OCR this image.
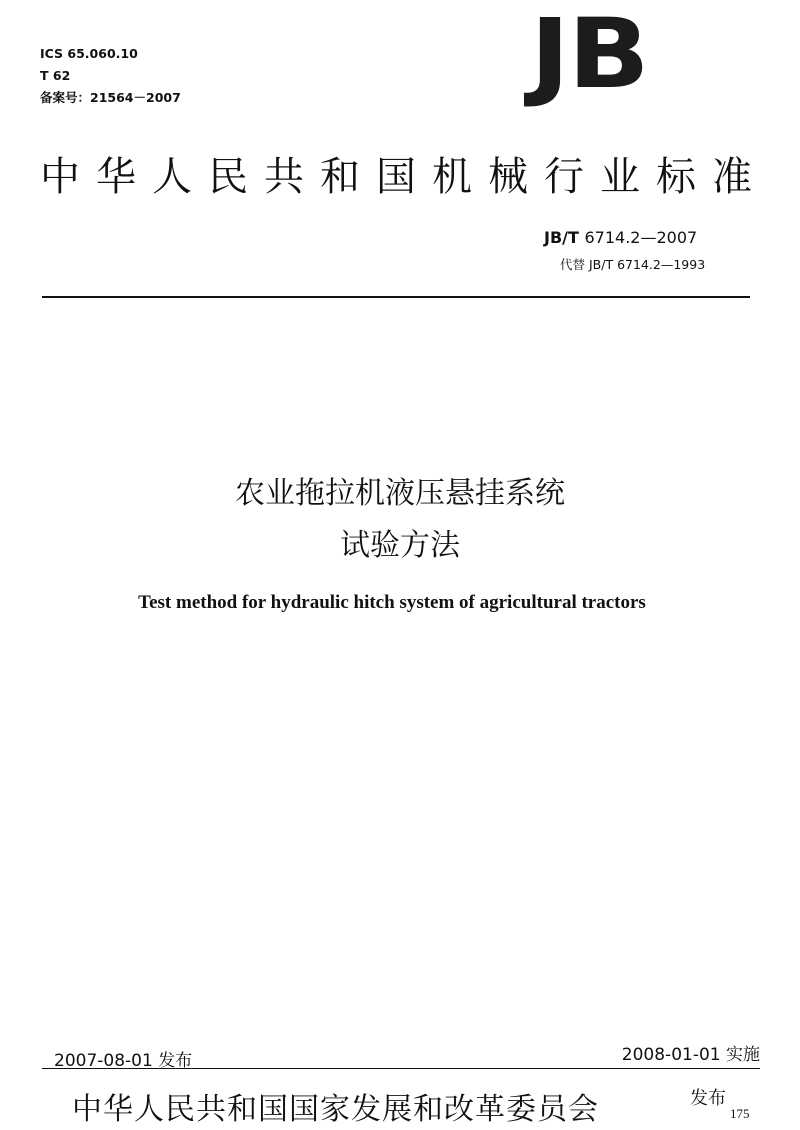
ICS 65.060.10
T 62
备案号：21564－2007	JB
中 华 人 民 共 和 国 机 械 行 业 标 准
JB/T 6714.2—2007
代替 JB/T 6714.2—1993
农业拖拉机液压悬挂系统
试验方法
Test method for hydraulic hitch system of agricultural tractors
2007-08-01 发布	2008-01-01 实施
中华人民共和国国家发展和改革委员会	发布
175
